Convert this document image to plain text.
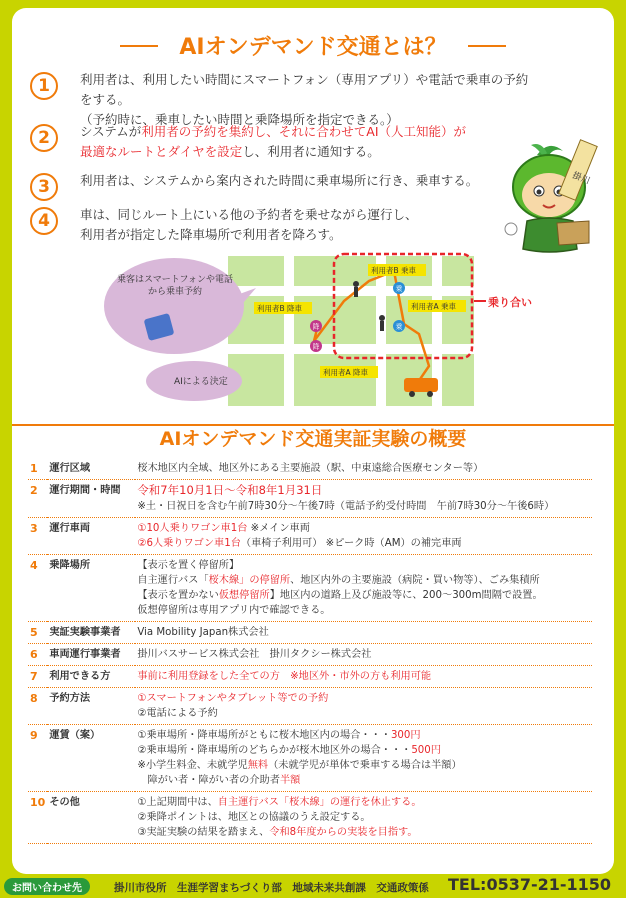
AIオンデマンド交通とは？
1	利用者は、利用したい時間にスマートフォン（専用アプリ）や電話で乗車の予約をする。
（予約時に、乗車したい時間と乗降場所を指定できる。）
2	システムが利用者の予約を集約し、それに合わせてAI（人工知能）が
最適なルートとダイヤを設定し、利用者に通知する。
3	利用者は、システムから案内された時間に乗車場所に行き、乗車する。
4	車は、同じルート上にいる他の予約者を乗せながら運行し、
利用者が指定した降車場所で利用者を降ろす。
掛川
乗客はスマートフォンや電話から乗車予約
AIによる決定
利用者B 乗車
利用者B 降車	利用者A 乗車
利用者A 降車
乗り合い
乗
乗
降
降
AIオンデマンド交通実証実験の概要
1	運行区域	桜木地区内全域、地区外にある主要施設（駅、中東遠総合医療センター等）
2	運行期間・時間	令和7年10月1日～令和8年1月31日
※土・日祝日を含む午前7時30分～午後7時（電話予約受付時間　午前7時30分～午後6時）
3	運行車両	①10人乗りワゴン車1台 ※メイン車両
②6人乗りワゴン車1台（車椅子利用可） ※ピーク時（AM）の補完車両
4	乗降場所	【表示を置く停留所】
自主運行バス「桜木線」の停留所、地区内外の主要施設（病院・買い物等）、ごみ集積所
【表示を置かない仮想停留所】地区内の道路上及び施設等に、200～300m間隔で設置。
仮想停留所は専用アプリ内で確認できる。
5	実証実験事業者	Via Mobility Japan株式会社
6	車両運行事業者	掛川バスサービス株式会社　掛川タクシー株式会社
7	利用できる方	事前に利用登録をした全ての方　※地区外・市外の方も利用可能
8	予約方法	①スマートフォンやタブレット等での予約
②電話による予約
9	運賃（案）	①乗車場所・降車場所がともに桜木地区内の場合・・・300円
②乗車場所・降車場所のどちらかが桜木地区外の場合・・・500円
※小学生料金、未就学児無料（未就学児が単体で乗車する場合は半額）
　障がい者・障がい者の介助者半額
10	その他	①上記期間中は、自主運行バス「桜木線」の運行を休止する。
②乗降ポイントは、地区との協議のうえ設定する。
③実証実験の結果を踏まえ、令和8年度からの実装を目指す。
お問い合わせ先	掛川市役所　生涯学習まちづくり部　地域未来共創課　交通政策係 TEL:0537-21-1150
